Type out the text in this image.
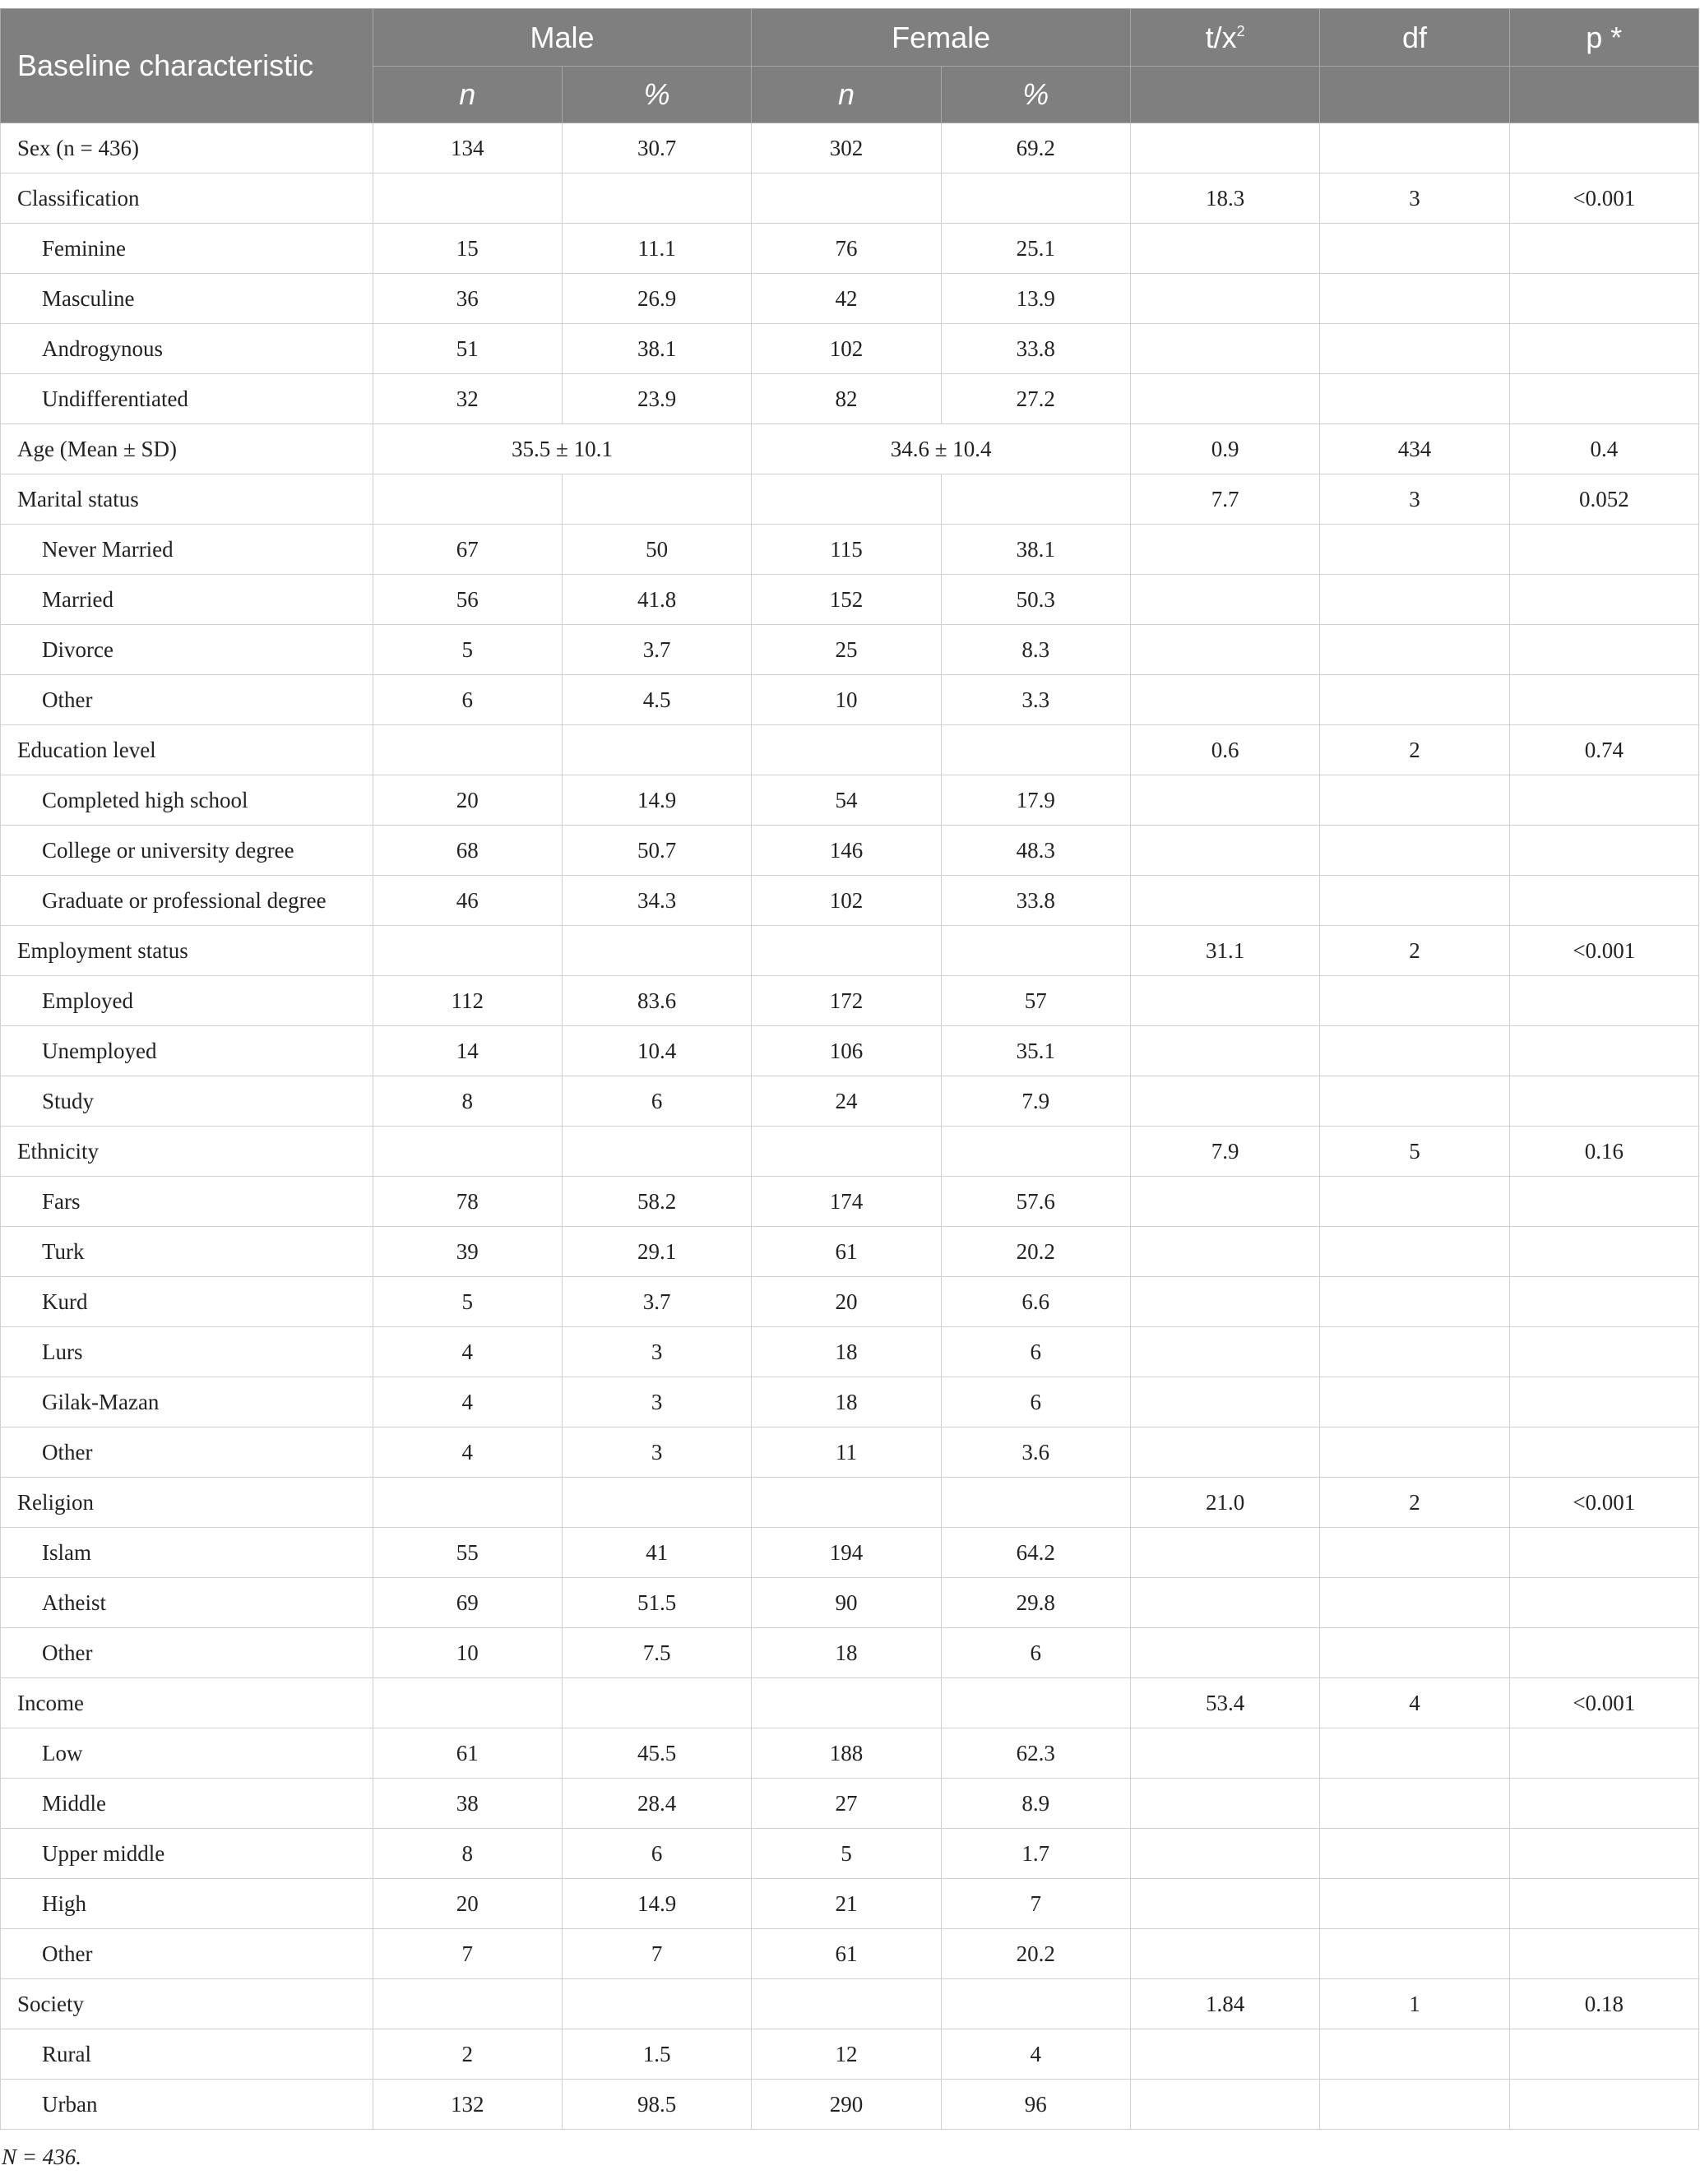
Baseline characteristic	Male		Female		$t/x^2$	df	p *
	n	%	n	%			
Sex (n = 436)	134	30.7	302	69.2			
Classification					18.3	3	<0.001
Feminine	15	11.1	76	25.1			
Masculine	36	26.9	42	13.9			
Androgynous	51	38.1	102	33.8			
Undifferentiated	32	23.9	82	27.2			
Age (Mean ± SD)	35.5 ± 10.1		34.6 ± 10.4		0.9	434	0.4
Marital status					7.7	3	0.052
Never Married	67	50	115	38.1			
Married	56	41.8	152	50.3			
Divorce	5	3.7	25	8.3			
Other	6	4.5	10	3.3			
Education level					0.6	2	0.74
Completed high school	20	14.9	54	17.9			
College or university degree	68	50.7	146	48.3			
Graduate or professional degree	46	34.3	102	33.8			
Employment status					31.1	2	<0.001
Employed	112	83.6	172	57			
Unemployed	14	10.4	106	35.1			
Study	8	6	24	7.9			
Ethnicity					7.9	5	0.16
Fars	78	58.2	174	57.6			
Turk	39	29.1	61	20.2			
Kurd	5	3.7	20	6.6			
Lurs	4	3	18	6			
Gilak-Mazan	4	3	18	6			
Other	4	3	11	3.6			
Religion					21.0	2	<0.001
Islam	55	41	194	64.2			
Atheist	69	51.5	90	29.8			
Other	10	7.5	18	6			
Income					53.4	4	<0.001
Low	61	45.5	188	62.3			
Middle	38	28.4	27	8.9			
Upper middle	8	6	5	1.7			
High	20	14.9	21	7			
Other	7	7	61	20.2			
Society					1.84	1	0.18
Rural	2	1.5	12	4			
Urban	132	98.5	290	96			
N = 436.
